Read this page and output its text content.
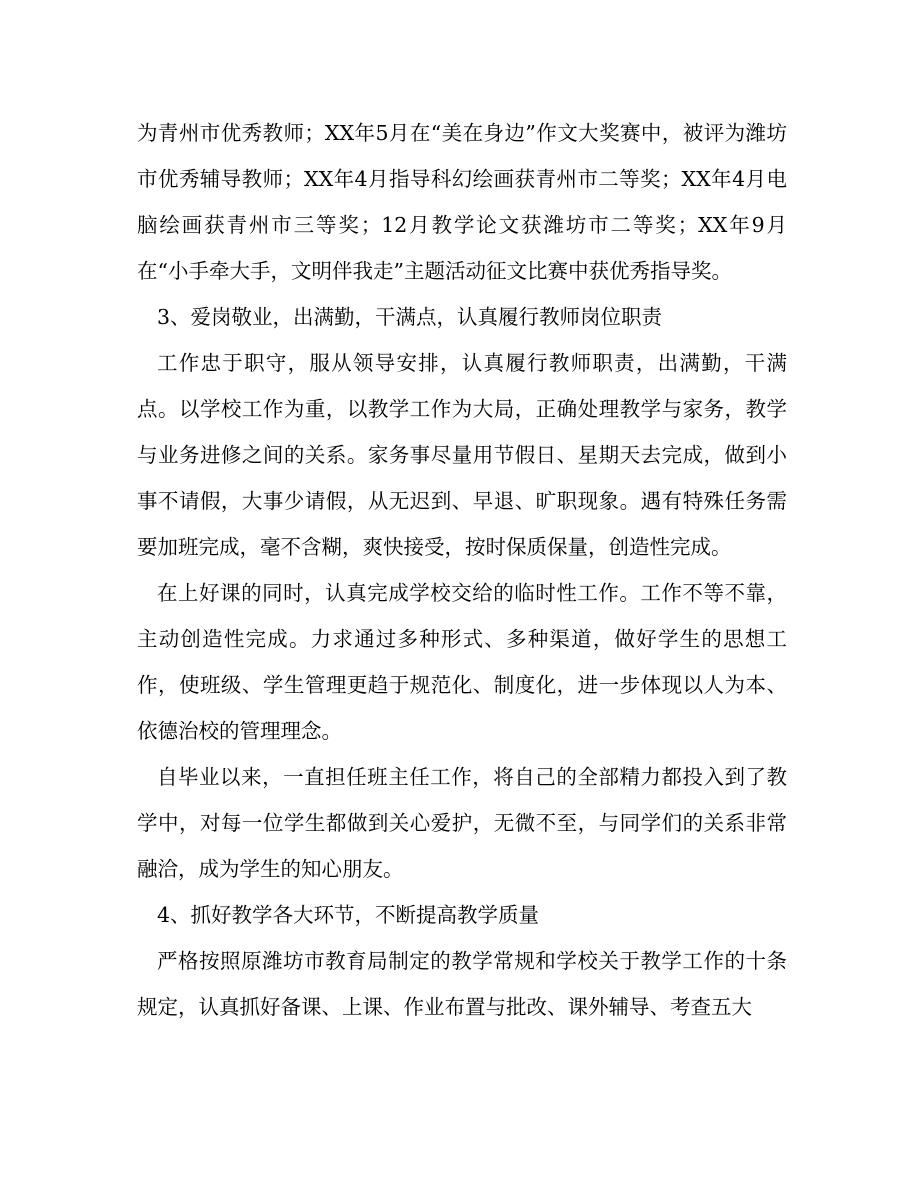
为青州市优秀教师；XX年5月在“美在身边”作文大奖赛中，被评为潍坊市优秀辅导教师；XX年4月指导科幻绘画获青州市二等奖；XX年4月电脑绘画获青州市三等奖；12月教学论文获潍坊市二等奖；XX年9月在“小手牵大手，文明伴我走”主题活动征文比赛中获优秀指导奖。

3、爱岗敬业，出满勤，干满点，认真履行教师岗位职责

工作忠于职守，服从领导安排，认真履行教师职责，出满勤，干满点。以学校工作为重，以教学工作为大局，正确处理教学与家务，教学与业务进修之间的关系。家务事尽量用节假日、星期天去完成，做到小事不请假，大事少请假，从无迟到、早退、旷职现象。遇有特殊任务需要加班完成，毫不含糊，爽快接受，按时保质保量，创造性完成。

在上好课的同时，认真完成学校交给的临时性工作。工作不等不靠，主动创造性完成。力求通过多种形式、多种渠道，做好学生的思想工作，使班级、学生管理更趋于规范化、制度化，进一步体现以人为本、依德治校的管理理念。

自毕业以来，一直担任班主任工作，将自己的全部精力都投入到了教学中，对每一位学生都做到关心爱护，无微不至，与同学们的关系非常融洽，成为学生的知心朋友。

4、抓好教学各大环节，不断提高教学质量

严格按照原潍坊市教育局制定的教学常规和学校关于教学工作的十条规定，认真抓好备课、上课、作业布置与批改、课外辅导、考查五大
